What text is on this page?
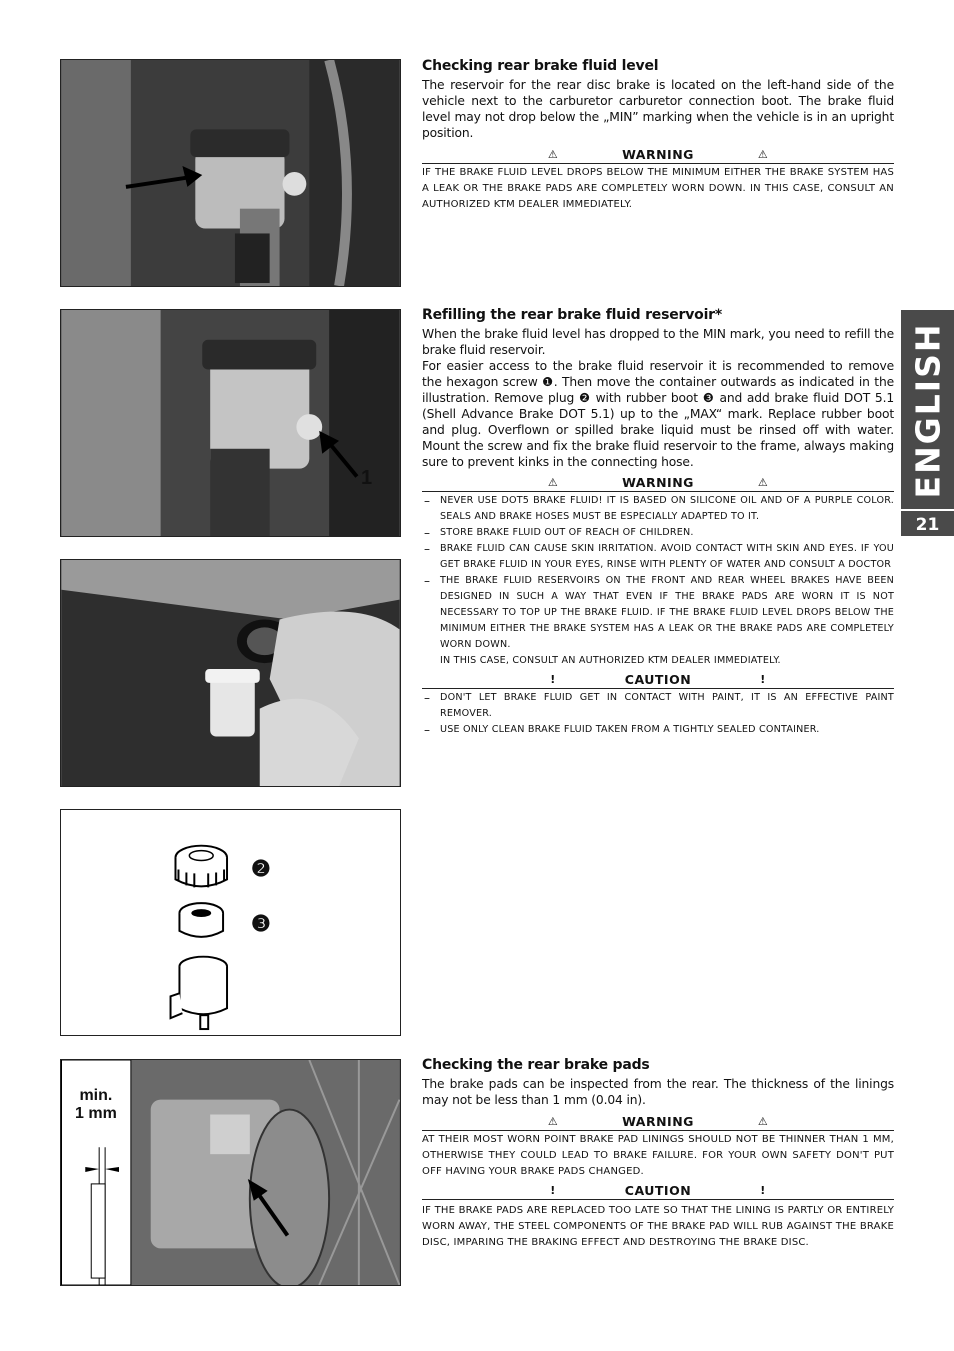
Checking rear brake fluid level

The reservoir for the rear disc brake is located on the left-hand side of the vehicle next to the carburetor carburetor connection boot. The brake fluid level may not drop below the „MIN” marking when the vehicle is in an upright position.

⚠	WARNING	⚠

IF THE BRAKE FLUID LEVEL DROPS BELOW THE MINIMUM EITHER THE BRAKE SYSTEM HAS A LEAK OR THE BRAKE PADS ARE COMPLETELY WORN DOWN. IN THIS CASE, CONSULT AN AUTHORIZED KTM DEALER IMMEDIATELY.

1
Refilling the rear brake fluid reservoir*

When the brake fluid level has dropped to the MIN mark, you need to refill the brake fluid reservoir.
For easier access to the brake fluid reservoir it is recommended to remove the hexagon screw ❶. Then move the container outwards as indicated in the illustration. Remove plug ❷ with rubber boot ❸ and add brake fluid DOT 5.1 (Shell Advance Brake DOT 5.1) up to the „MAX“ mark. Replace rubber boot and plug. Overflown or spilled brake liquid must be rinsed off with water. Mount the screw and fix the brake fluid reservoir to the frame, always making sure to prevent kinks in the connecting hose.

⚠	WARNING	⚠
– NEVER USE DOT5 BRAKE FLUID! IT IS BASED ON SILICONE OIL AND OF A PURPLE COLOR. SEALS AND BRAKE HOSES MUST BE ESPECIALLY ADAPTED TO IT.
– STORE BRAKE FLUID OUT OF REACH OF CHILDREN.
– BRAKE FLUID CAN CAUSE SKIN IRRITATION. AVOID CONTACT WITH SKIN AND EYES. IF YOU GET BRAKE FLUID IN YOUR EYES, RINSE WITH PLENTY OF WATER AND CONSULT A DOCTOR
– THE BRAKE FLUID RESERVOIRS ON THE FRONT AND REAR WHEEL BRAKES HAVE BEEN DESIGNED IN SUCH A WAY THAT EVEN IF THE BRAKE PADS ARE WORN IT IS NOT NECESSARY TO TOP UP THE BRAKE FLUID. IF THE BRAKE FLUID LEVEL DROPS BELOW THE MINIMUM EITHER THE BRAKE SYSTEM HAS A LEAK OR THE BRAKE PADS ARE COMPLETELY WORN DOWN.

IN THIS CASE, CONSULT AN AUTHORIZED KTM DEALER IMMEDIATELY.

!	CAUTION	!
– DON'T LET BRAKE FLUID GET IN CONTACT WITH PAINT, IT IS AN EFFECTIVE PAINT REMOVER.
– USE ONLY CLEAN BRAKE FLUID TAKEN FROM A TIGHTLY SEALED CONTAINER.
❷
❸
min.
1 mm
Checking the rear brake pads

The brake pads can be inspected from the rear. The thickness of the linings may not be less than 1 mm (0.04 in).

⚠	WARNING	⚠

AT THEIR MOST WORN POINT BRAKE PAD LININGS SHOULD NOT BE THINNER THAN 1 MM, OTHERWISE THEY COULD LEAD TO BRAKE FAILURE. FOR YOUR OWN SAFETY DON'T PUT OFF HAVING YOUR BRAKE PADS CHANGED.

!	CAUTION	!

IF THE BRAKE PADS ARE REPLACED TOO LATE SO THAT THE LINING IS PARTLY OR ENTIRELY WORN AWAY, THE STEEL COMPONENTS OF THE BRAKE PAD WILL RUB AGAINST THE BRAKE DISC, IMPARING THE BRAKING EFFECT AND DESTROYING THE BRAKE DISC.

ENGLISH
21
